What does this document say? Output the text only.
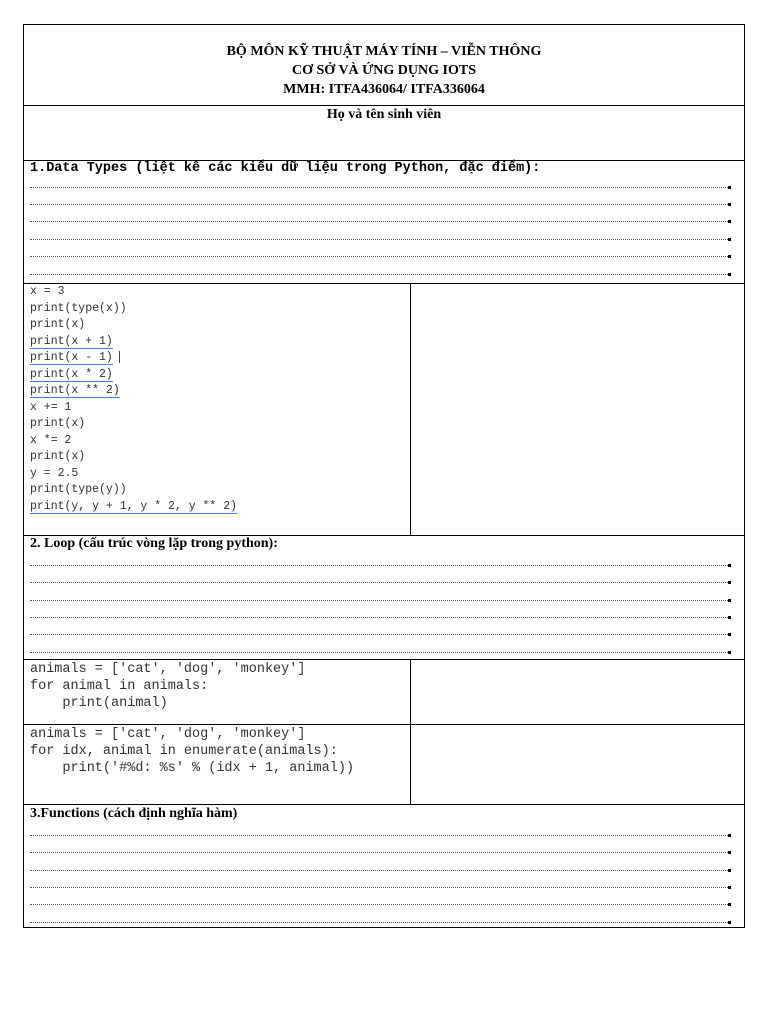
BỘ MÔN KỸ THUẬT MÁY TÍNH – VIỄN THÔNG
CƠ SỞ VÀ ỨNG DỤNG IOTS
MMH: ITFA436064/ ITFA336064
Họ và tên sinh viên
1.Data Types (liệt kê các kiểu dữ liệu trong Python, đặc điểm):
x = 3
print(type(x))
print(x)
print(x + 1)
print(x - 1)
print(x * 2)
print(x ** 2)
x += 1
print(x)
x *= 2
print(x)
y = 2.5
print(type(y))
print(y, y + 1, y * 2, y ** 2)
2. Loop (cấu trúc vòng lặp trong python):
animals = ['cat', 'dog', 'monkey']
for animal in animals:
print(animal)
animals = ['cat', 'dog', 'monkey']
for idx, animal in enumerate(animals):
print('#%d: %s' % (idx + 1, animal))
3.Functions (cách định nghĩa hàm)
